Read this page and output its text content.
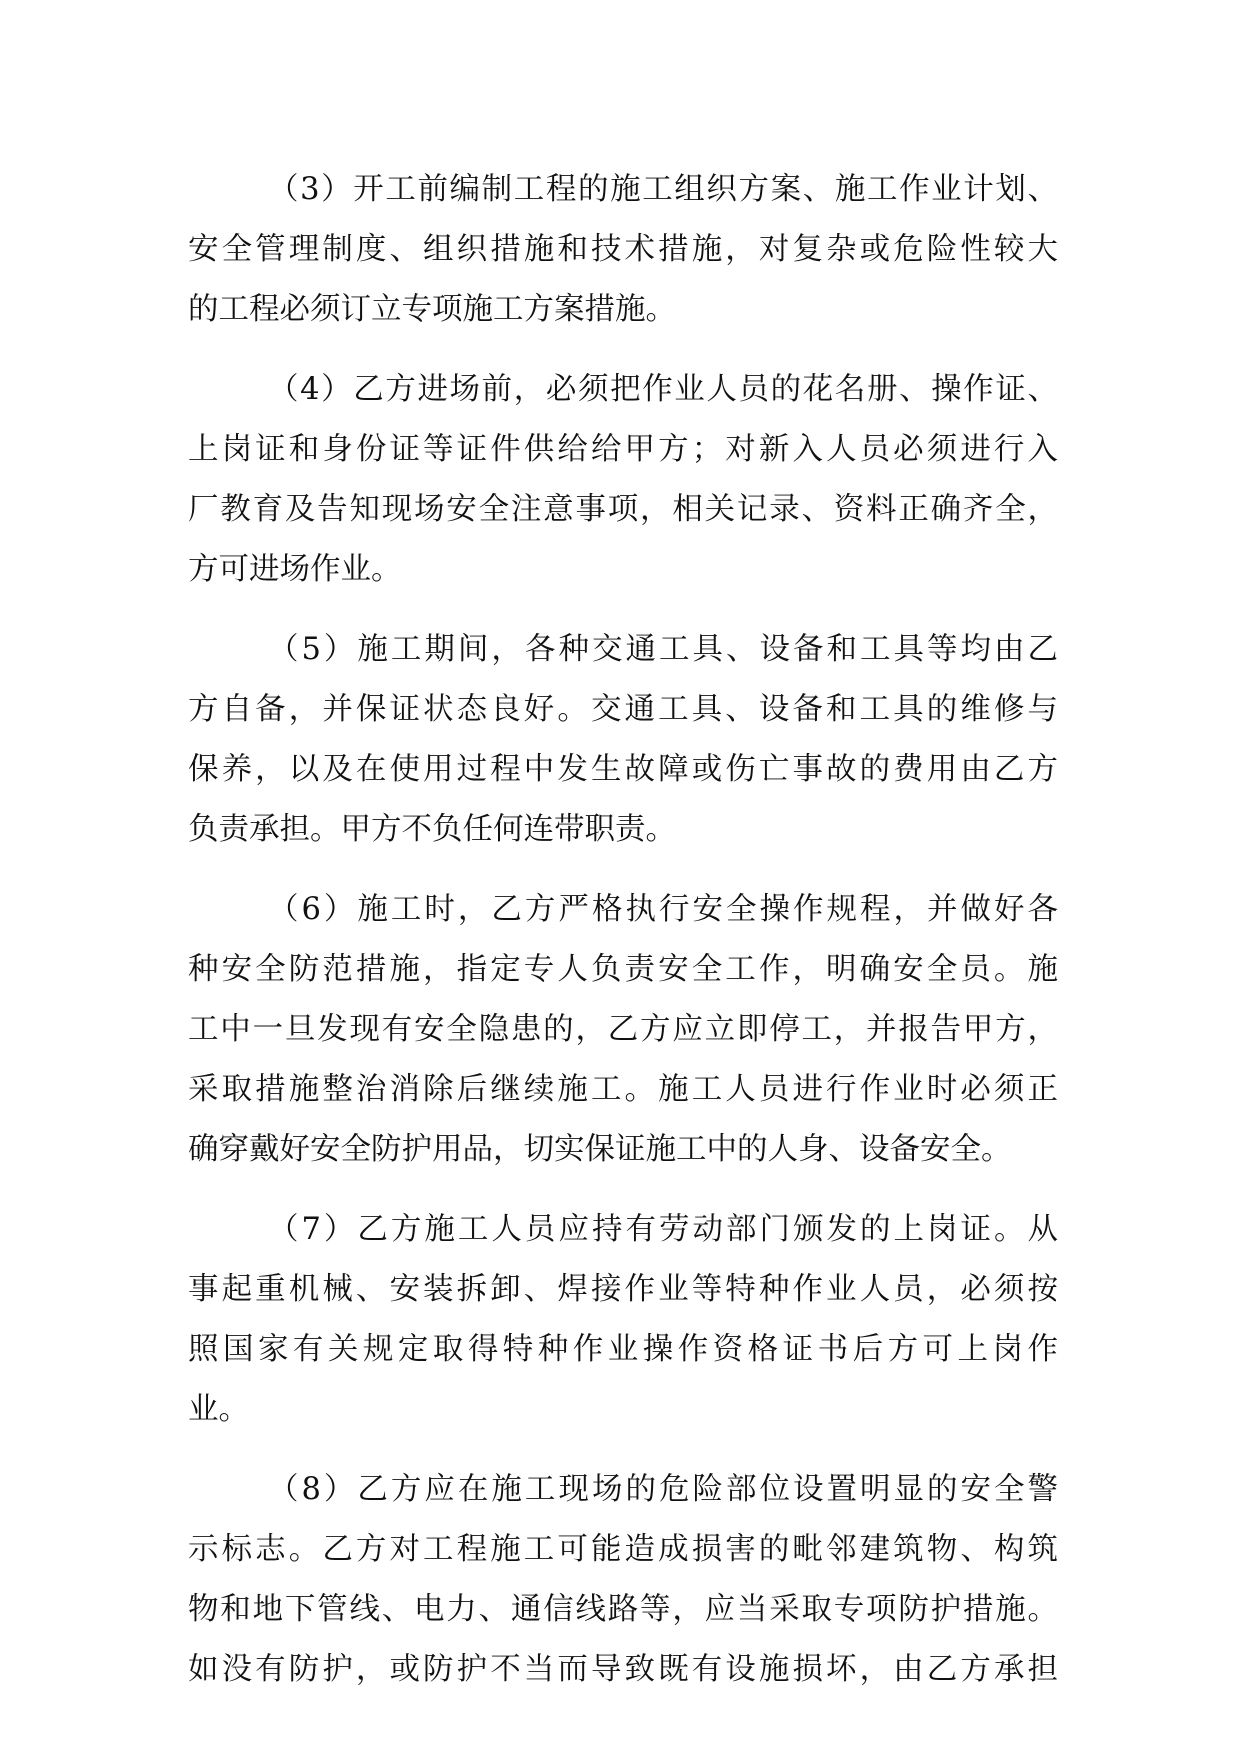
（3）开工前编制工程的施工组织方案、施工作业计划、
安全管理制度、组织措施和技术措施，对复杂或危险性较大
的工程必须订立专项施工方案措施。
（4）乙方进场前，必须把作业人员的花名册、操作证、
上岗证和身份证等证件供给给甲方；对新入人员必须进行入
厂教育及告知现场安全注意事项，相关记录、资料正确齐全，
方可进场作业。
（5）施工期间，各种交通工具、设备和工具等均由乙
方自备，并保证状态良好。交通工具、设备和工具的维修与
保养，以及在使用过程中发生故障或伤亡事故的费用由乙方
负责承担。甲方不负任何连带职责。
（6）施工时，乙方严格执行安全操作规程，并做好各
种安全防范措施，指定专人负责安全工作，明确安全员。施
工中一旦发现有安全隐患的，乙方应立即停工，并报告甲方，
采取措施整治消除后继续施工。施工人员进行作业时必须正
确穿戴好安全防护用品，切实保证施工中的人身、设备安全。
（7）乙方施工人员应持有劳动部门颁发的上岗证。从
事起重机械、安装拆卸、焊接作业等特种作业人员，必须按
照国家有关规定取得特种作业操作资格证书后方可上岗作
业。
（8）乙方应在施工现场的危险部位设置明显的安全警
示标志。乙方对工程施工可能造成损害的毗邻建筑物、构筑
物和地下管线、电力、通信线路等，应当采取专项防护措施。
如没有防护，或防护不当而导致既有设施损坏，由乙方承担
